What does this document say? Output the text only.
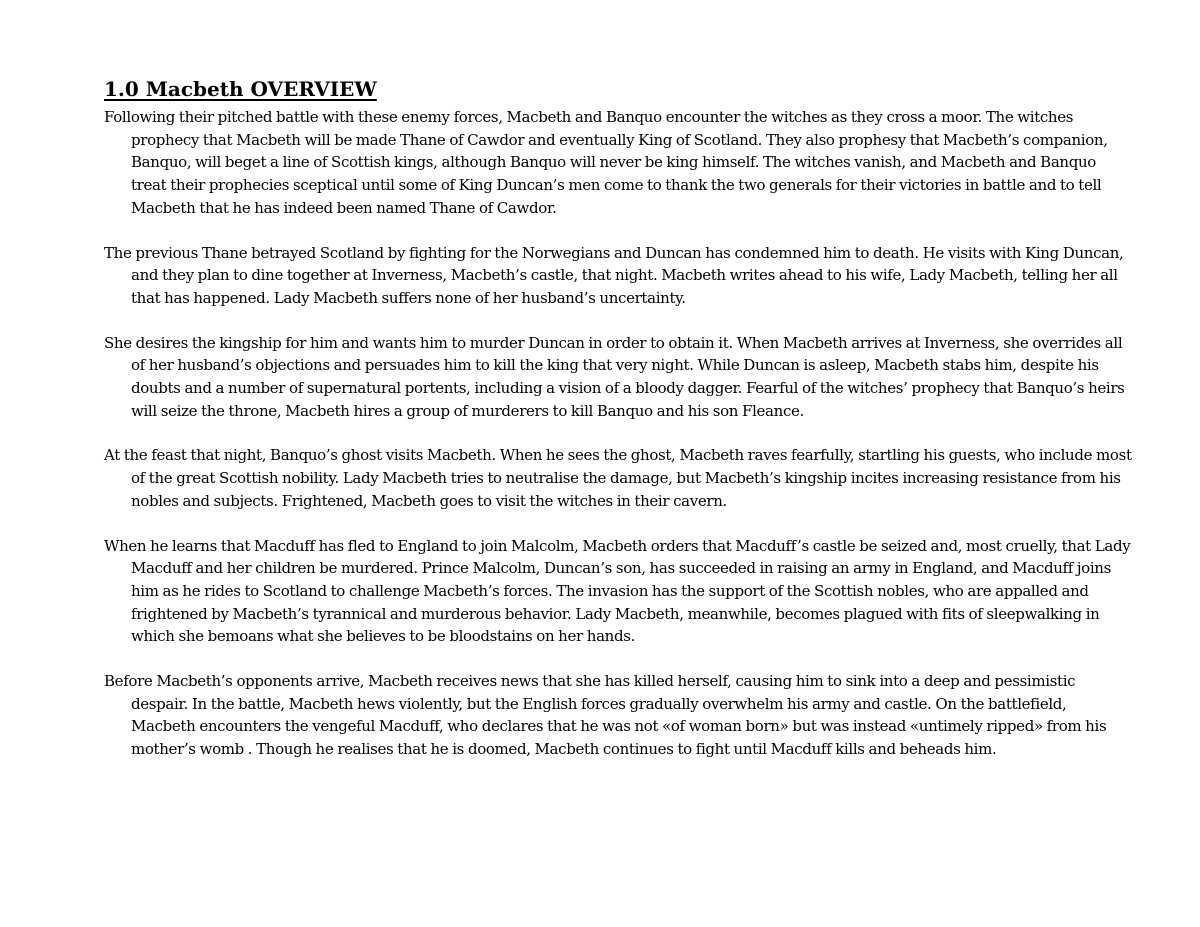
1.0 Macbeth OVERVIEW

Following their pitched battle with these enemy forces, Macbeth and Banquo encounter the witches as they cross a moor. The witches prophecy that Macbeth will be made Thane of Cawdor and eventually King of Scotland. They also prophesy that Macbeth’s companion, Banquo, will beget a line of Scottish kings, although Banquo will never be king himself. The witches vanish, and Macbeth and Banquo treat their prophecies sceptical until some of King Duncan’s men come to thank the two generals for their victories in battle and to tell Macbeth that he has indeed been named Thane of Cawdor.

The previous Thane betrayed Scotland by fighting for the Norwegians and Duncan has condemned him to death. He visits with King Duncan, and they plan to dine together at Inverness, Macbeth’s castle, that night. Macbeth writes ahead to his wife, Lady Macbeth, telling her all that has happened. Lady Macbeth suffers none of her husband’s uncertainty.

She desires the kingship for him and wants him to murder Duncan in order to obtain it. When Macbeth arrives at Inverness, she overrides all of her husband’s objections and persuades him to kill the king that very night. While Duncan is asleep, Macbeth stabs him, despite his doubts and a number of supernatural portents, including a vision of a bloody dagger. Fearful of the witches’ prophecy that Banquo’s heirs will seize the throne, Macbeth hires a group of murderers to kill Banquo and his son Fleance.

At the feast that night, Banquo’s ghost visits Macbeth. When he sees the ghost, Macbeth raves fearfully, startling his guests, who include most of the great Scottish nobility. Lady Macbeth tries to neutralise the damage, but Macbeth’s kingship incites increasing resistance from his nobles and subjects. Frightened, Macbeth goes to visit the witches in their cavern.

When he learns that Macduff has fled to England to join Malcolm, Macbeth orders that Macduff’s castle be seized and, most cruelly, that Lady Macduff and her children be murdered. Prince Malcolm, Duncan’s son, has succeeded in raising an army in England, and Macduff joins him as he rides to Scotland to challenge Macbeth’s forces. The invasion has the support of the Scottish nobles, who are appalled and frightened by Macbeth’s tyrannical and murderous behavior. Lady Macbeth, meanwhile, becomes plagued with fits of sleepwalking in which she bemoans what she believes to be bloodstains on her hands.

Before Macbeth’s opponents arrive, Macbeth receives news that she has killed herself, causing him to sink into a deep and pessimistic despair. In the battle, Macbeth hews violently, but the English forces gradually overwhelm his army and castle. On the battlefield, Macbeth encounters the vengeful Macduff, who declares that he was not «of woman born» but was instead «untimely ripped» from his mother’s womb . Though he realises that he is doomed, Macbeth continues to fight until Macduff kills and beheads him.
